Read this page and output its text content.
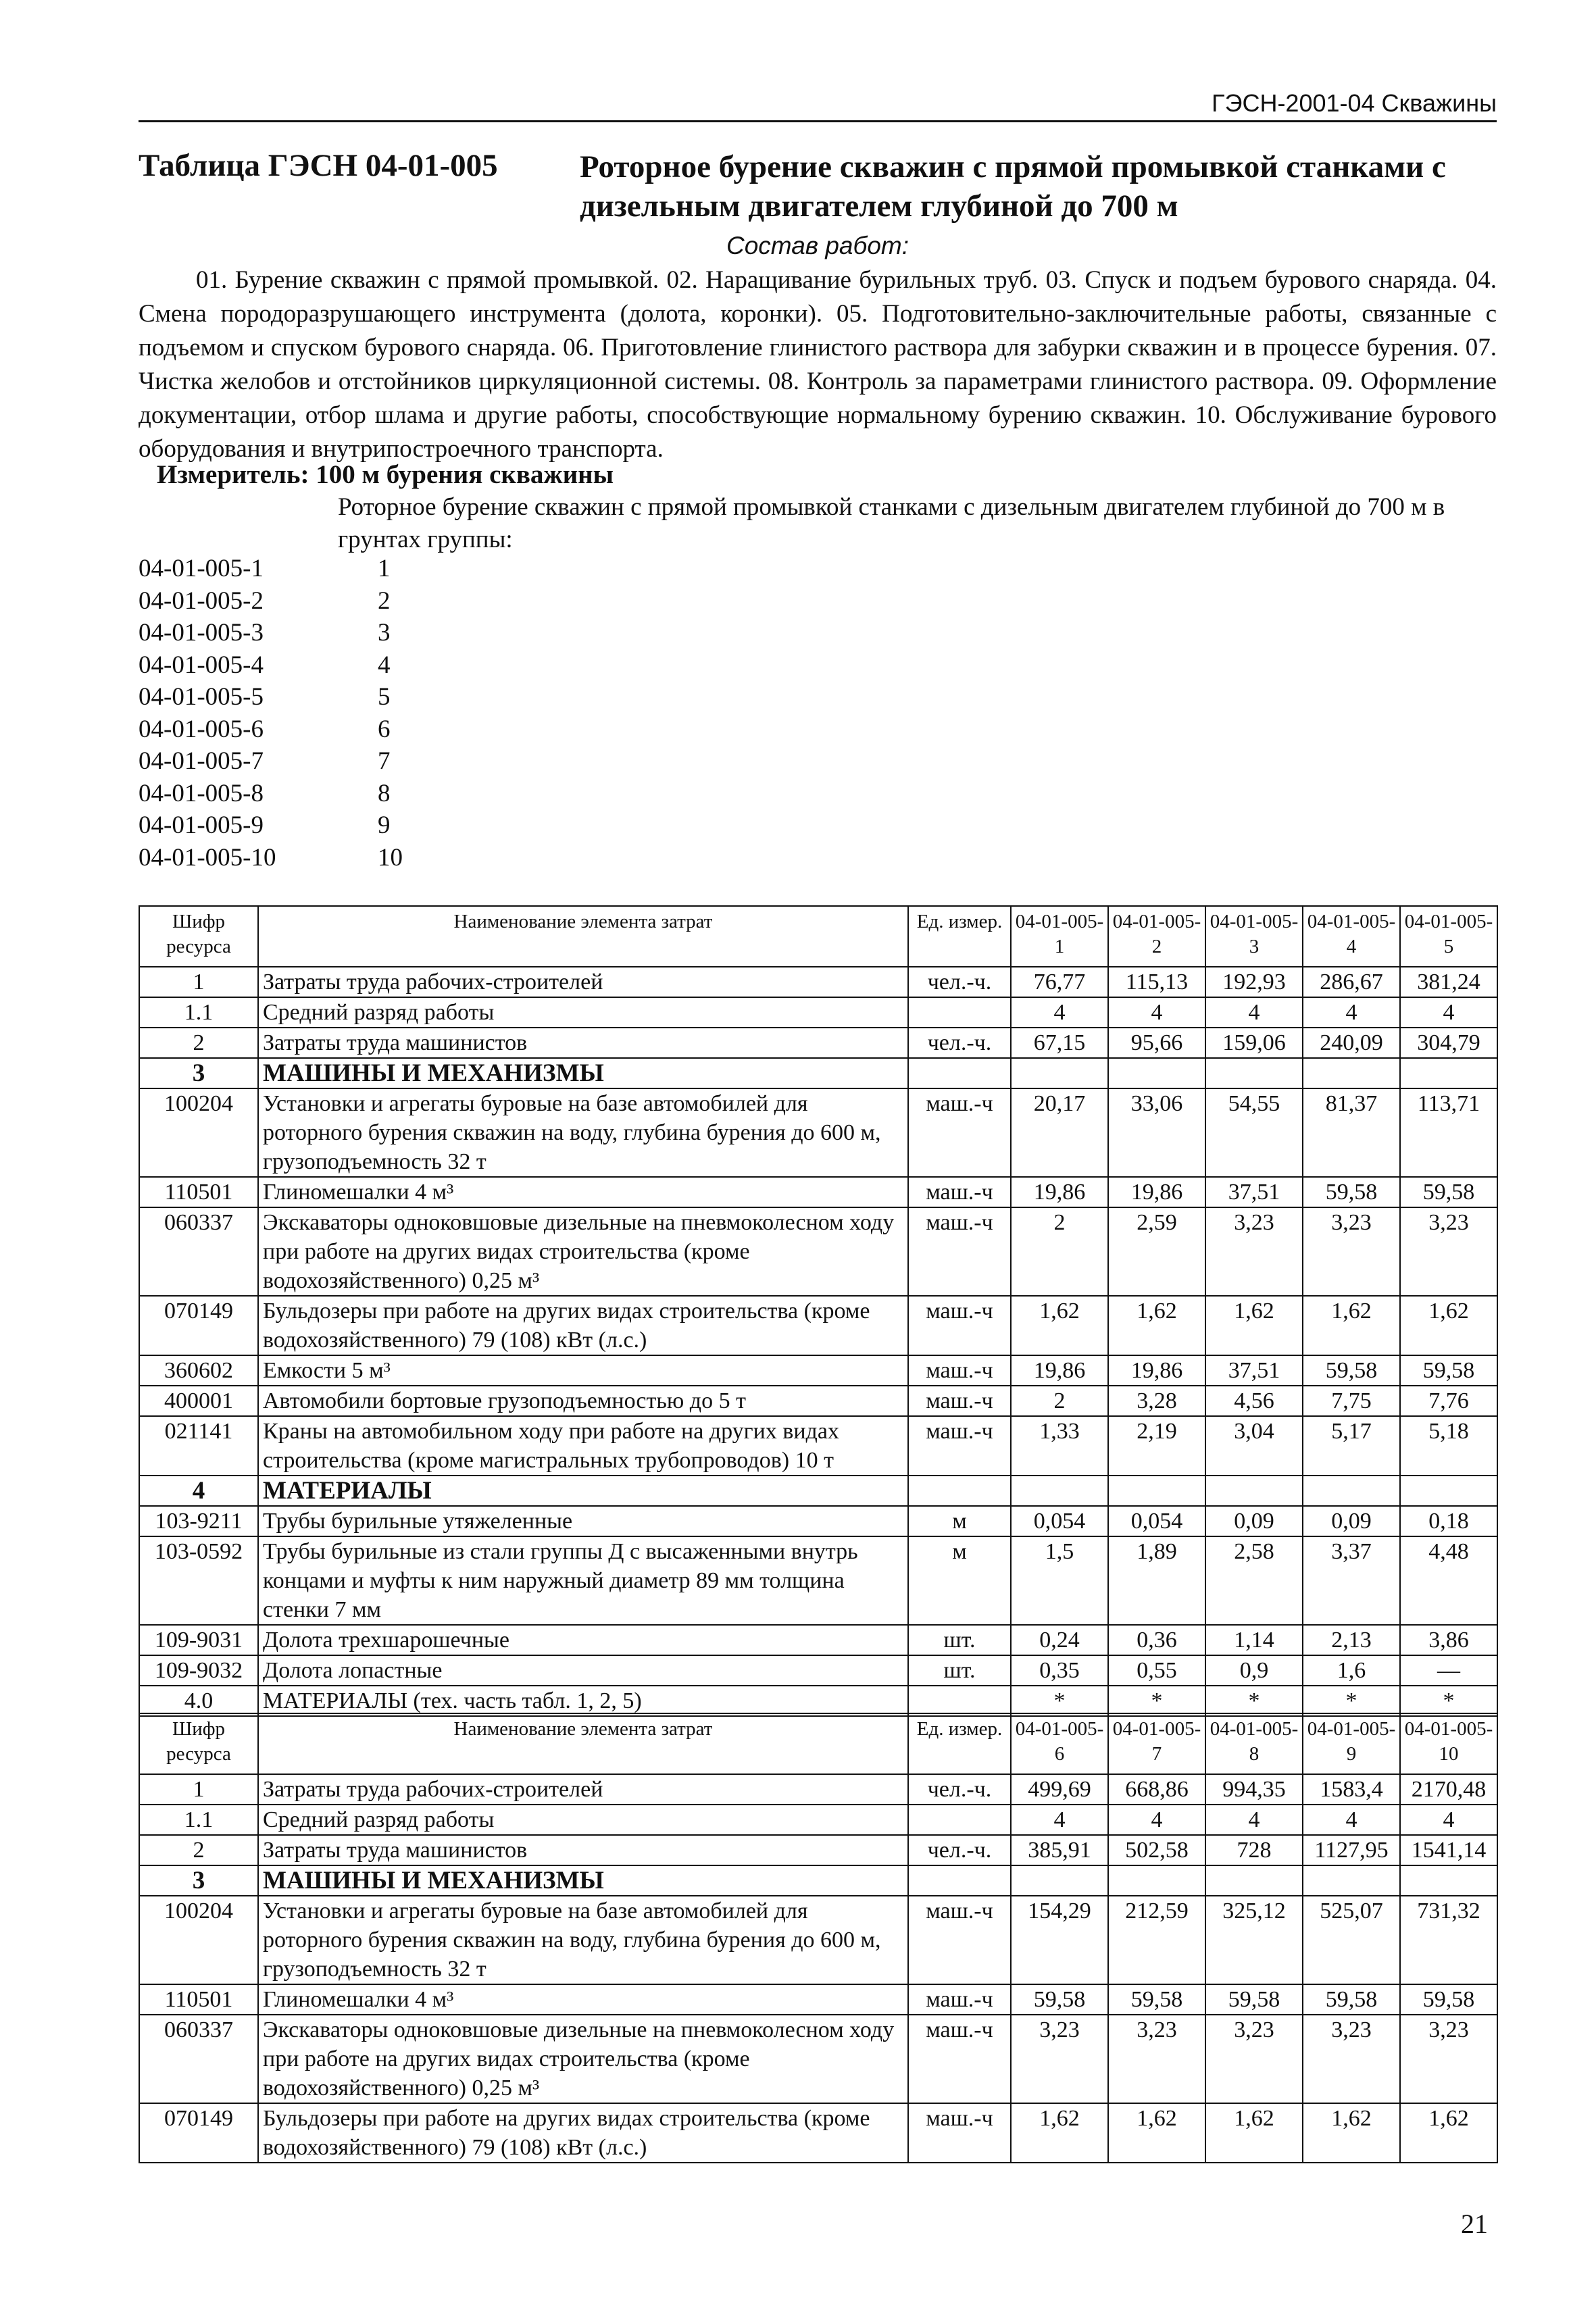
ГЭСН-2001-04 Скважины
Таблица ГЭСН 04-01-005	Роторное бурение скважин с прямой промывкой станками с дизельным двигателем глубиной до 700 м
Состав работ:
01. Бурение скважин с прямой промывкой. 02. Наращивание бурильных труб. 03. Спуск и подъем бурового снаряда. 04. Смена породоразрушающего инструмента (долота, коронки). 05. Подготовительно-заключительные работы, связанные с подъемом и спуском бурового снаряда. 06. Приготовление глинистого раствора для забурки скважин и в процессе бурения. 07. Чистка желобов и отстойников циркуляционной системы. 08. Контроль за параметрами глинистого раствора. 09. Оформление документации, отбор шлама и другие работы, способствующие нормальному бурению скважин. 10. Обслуживание бурового оборудования и внутрипостроечного транспорта.
Измеритель: 100 м бурения скважины
Роторное бурение скважин с прямой промывкой станками с дизельным двигателем глубиной до 700 м в грунтах группы:
04-01-005-1	1
04-01-005-2	2
04-01-005-3	3
04-01-005-4	4
04-01-005-5	5
04-01-005-6	6
04-01-005-7	7
04-01-005-8	8
04-01-005-9	9
04-01-005-10	10
Шифр ресурса	Наименование элемента затрат	Ед. измер.	04-01-005-1	04-01-005-2	04-01-005-3	04-01-005-4	04-01-005-5
1	Затраты труда рабочих-строителей	чел.-ч.	76,77	115,13	192,93	286,67	381,24
1.1	Средний разряд работы		4	4	4	4	4
2	Затраты труда машинистов	чел.-ч.	67,15	95,66	159,06	240,09	304,79
3	МАШИНЫ И МЕХАНИЗМЫ						
100204	Установки и агрегаты буровые на базе автомобилей для роторного бурения скважин на воду, глубина бурения до 600 м, грузоподъемность 32 т	маш.-ч	20,17	33,06	54,55	81,37	113,71
110501	Глиномешалки 4 м³	маш.-ч	19,86	19,86	37,51	59,58	59,58
060337	Экскаваторы одноковшовые дизельные на пневмоколесном ходу при работе на других видах строительства (кроме водохозяйственного) 0,25 м³	маш.-ч	2	2,59	3,23	3,23	3,23
070149	Бульдозеры при работе на других видах строительства (кроме водохозяйственного) 79 (108) кВт (л.с.)	маш.-ч	1,62	1,62	1,62	1,62	1,62
360602	Емкости 5 м³	маш.-ч	19,86	19,86	37,51	59,58	59,58
400001	Автомобили бортовые грузоподъемностью до 5 т	маш.-ч	2	3,28	4,56	7,75	7,76
021141	Краны на автомобильном ходу при работе на других видах строительства (кроме магистральных трубопроводов) 10 т	маш.-ч	1,33	2,19	3,04	5,17	5,18
4	МАТЕРИАЛЫ						
103-9211	Трубы бурильные утяжеленные	м	0,054	0,054	0,09	0,09	0,18
103-0592	Трубы бурильные из стали группы Д с высаженными внутрь концами и муфты к ним наружный диаметр 89 мм толщина стенки 7 мм	м	1,5	1,89	2,58	3,37	4,48
109-9031	Долота трехшарошечные	шт.	0,24	0,36	1,14	2,13	3,86
109-9032	Долота лопастные	шт.	0,35	0,55	0,9	1,6	—
4.0	МАТЕРИАЛЫ (тех. часть табл. 1, 2, 5)		*	*	*	*	*
Шифр ресурса	Наименование элемента затрат	Ед. измер.	04-01-005-6	04-01-005-7	04-01-005-8	04-01-005-9	04-01-005-10
1	Затраты труда рабочих-строителей	чел.-ч.	499,69	668,86	994,35	1583,4	2170,48
1.1	Средний разряд работы		4	4	4	4	4
2	Затраты труда машинистов	чел.-ч.	385,91	502,58	728	1127,95	1541,14
3	МАШИНЫ И МЕХАНИЗМЫ						
100204	Установки и агрегаты буровые на базе автомобилей для роторного бурения скважин на воду, глубина бурения до 600 м, грузоподъемность 32 т	маш.-ч	154,29	212,59	325,12	525,07	731,32
110501	Глиномешалки 4 м³	маш.-ч	59,58	59,58	59,58	59,58	59,58
060337	Экскаваторы одноковшовые дизельные на пневмоколесном ходу при работе на других видах строительства (кроме водохозяйственного) 0,25 м³	маш.-ч	3,23	3,23	3,23	3,23	3,23
070149	Бульдозеры при работе на других видах строительства (кроме водохозяйственного) 79 (108) кВт (л.с.)	маш.-ч	1,62	1,62	1,62	1,62	1,62
21
